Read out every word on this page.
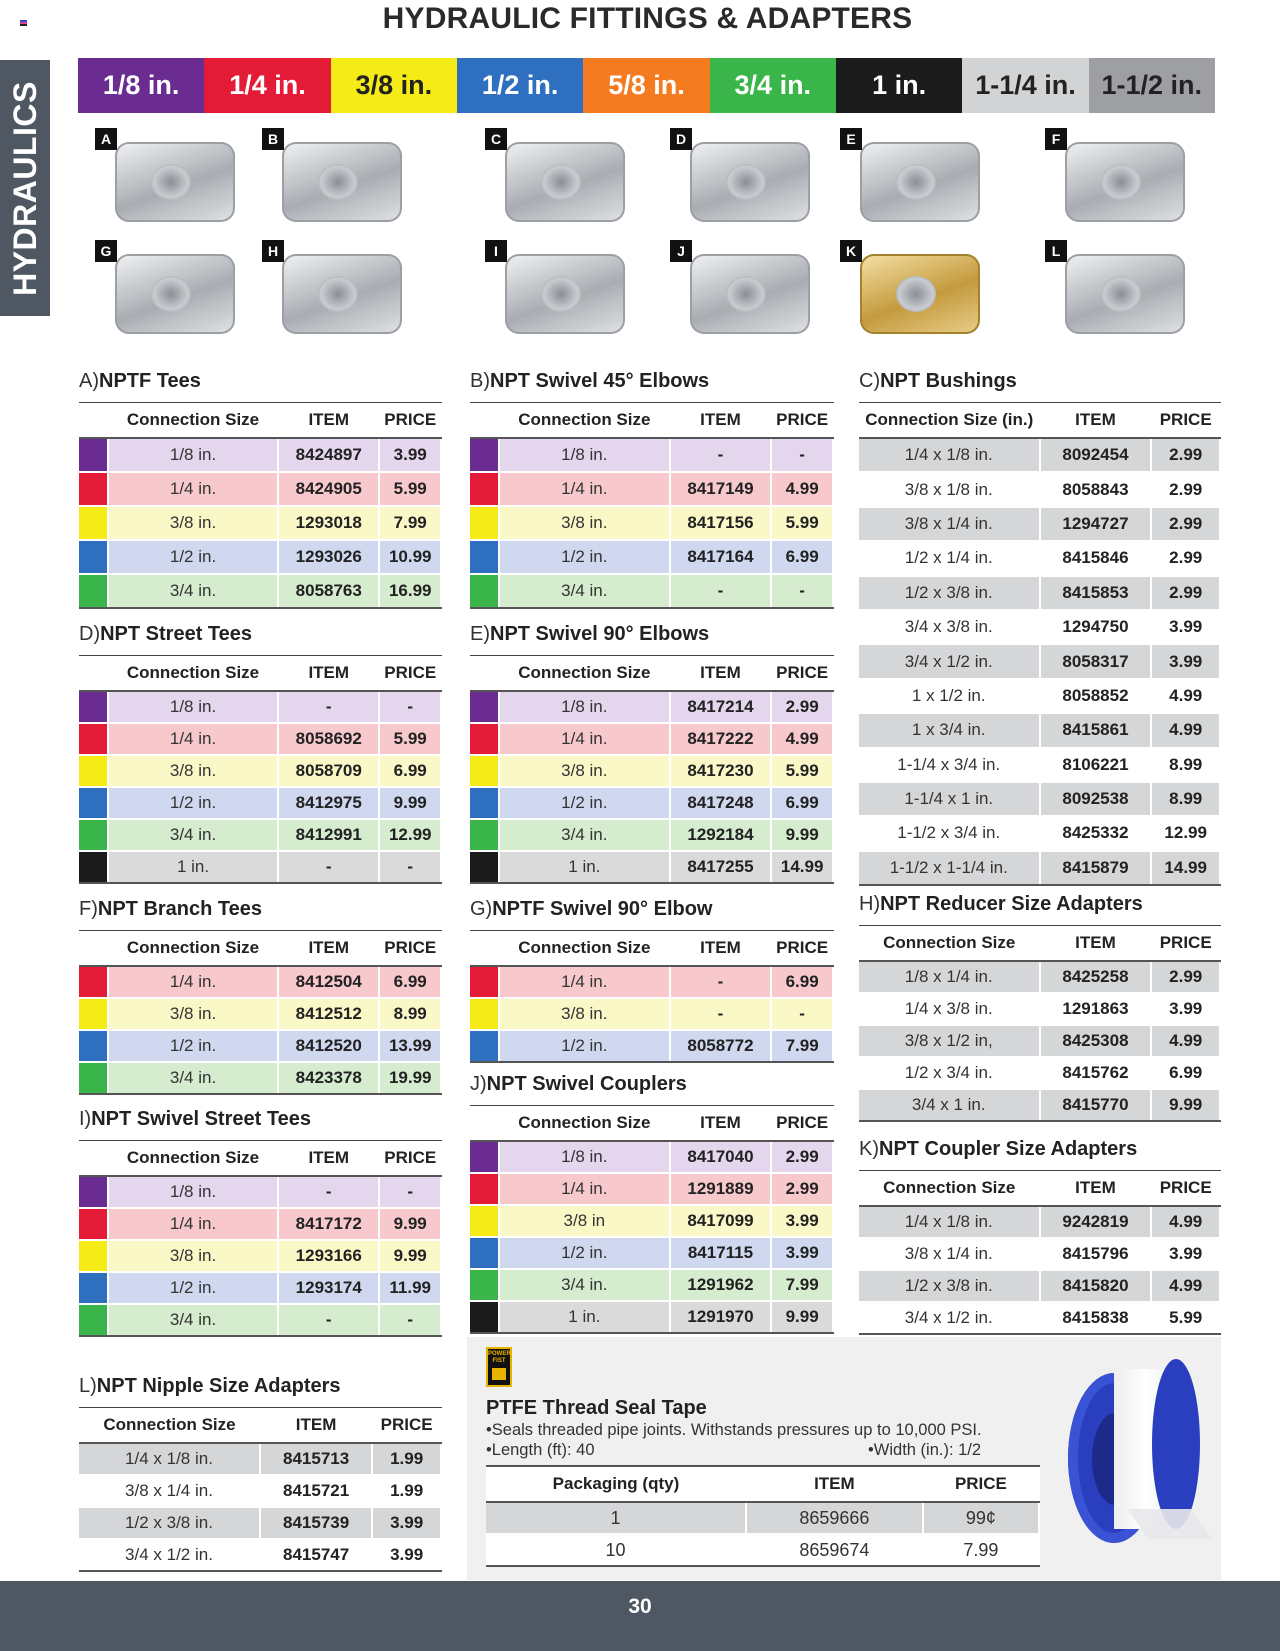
HYDRAULIC FITTINGS & ADAPTERS
HYDRAULICS	1/8 in.	1/4 in.	3/8 in.	1/2 in.	5/8 in.	3/4 in.	1 in.	1-1/4 in. 1-1/2 in.
A	B	C	D	E	F
G	H	I	J	K	L
A)NPTF Tees
	Connection Size	ITEM	PRICE
	1/8 in.	8424897	3.99
	1/4 in.	8424905	5.99
	3/8 in.	1293018	7.99
	1/2 in.	1293026	10.99
	3/4 in.	8058763	16.99
B)NPT Swivel 45° Elbows
	Connection Size	ITEM	PRICE
	1/8 in.	-	-
	1/4 in.	8417149	4.99
	3/8 in.	8417156	5.99
	1/2 in.	8417164	6.99
	3/4 in.	-	-
C)NPT Bushings
Connection Size (in.)	ITEM	PRICE
1/4 x 1/8 in.	8092454	2.99
3/8 x 1/8 in.	8058843	2.99
3/8 x 1/4 in.	1294727	2.99
1/2 x 1/4 in.	8415846	2.99
1/2 x 3/8 in.	8415853	2.99
3/4 x 3/8 in.	1294750	3.99
3/4 x 1/2 in.	8058317	3.99
1 x 1/2 in.	8058852	4.99
1 x 3/4 in.	8415861	4.99
1-1/4 x 3/4 in.	8106221	8.99
1-1/4 x 1 in.	8092538	8.99
1-1/2 x 3/4 in.	8425332	12.99
1-1/2 x 1-1/4 in.	8415879	14.99
D)NPT Street Tees
	Connection Size	ITEM	PRICE
	1/8 in.	-	-
	1/4 in.	8058692	5.99
	3/8 in.	8058709	6.99
	1/2 in.	8412975	9.99
	3/4 in.	8412991	12.99
	1 in.	-	-
E)NPT Swivel 90° Elbows
	Connection Size	ITEM	PRICE
	1/8 in.	8417214	2.99
	1/4 in.	8417222	4.99
	3/8 in.	8417230	5.99
	1/2 in.	8417248	6.99
	3/4 in.	1292184	9.99
	1 in.	8417255	14.99
F)NPT Branch Tees
	Connection Size	ITEM	PRICE
	1/4 in.	8412504	6.99
	3/8 in.	8412512	8.99
	1/2 in.	8412520	13.99
	3/4 in.	8423378	19.99
G)NPTF Swivel 90° Elbow
	Connection Size	ITEM	PRICE
	1/4 in.	-	6.99
	3/8 in.	-	-
	1/2 in.	8058772	7.99
H)NPT Reducer Size Adapters
Connection Size	ITEM	PRICE
1/8 x 1/4 in.	8425258	2.99
1/4 x 3/8 in.	1291863	3.99
3/8 x 1/2 in,	8425308	4.99
1/2 x 3/4 in.	8415762	6.99
3/4 x 1 in.	8415770	9.99
I)NPT Swivel Street Tees
	Connection Size	ITEM	PRICE
	1/8 in.	-	-
	1/4 in.	8417172	9.99
	3/8 in.	1293166	9.99
	1/2 in.	1293174	11.99
	3/4 in.	-	-
J)NPT Swivel Couplers
	Connection Size	ITEM	PRICE
	1/8 in.	8417040	2.99
	1/4 in.	1291889	2.99
	3/8 in	8417099	3.99
	1/2 in.	8417115	3.99
	3/4 in.	1291962	7.99
	1 in.	1291970	9.99
K)NPT Coupler Size Adapters
Connection Size	ITEM	PRICE
1/4 x 1/8 in.	9242819	4.99
3/8 x 1/4 in.	8415796	3.99
1/2 x 3/8 in.	8415820	4.99
3/4 x 1/2 in.	8415838	5.99
L)NPT Nipple Size Adapters
Connection Size	ITEM	PRICE
1/4 x 1/8 in.	8415713	1.99
3/8 x 1/4 in.	8415721	1.99
1/2 x 3/8 in.	8415739	3.99
3/4 x 1/2 in.	8415747	3.99
POWER
FIST
PTFE Thread Seal Tape
•Seals threaded pipe joints. Withstands pressures up to 10,000 PSI.
•Length (ft): 40	•Width (in.): 1/2
Packaging (qty)	ITEM	PRICE
1	8659666	99¢
10	8659674	7.99
30
